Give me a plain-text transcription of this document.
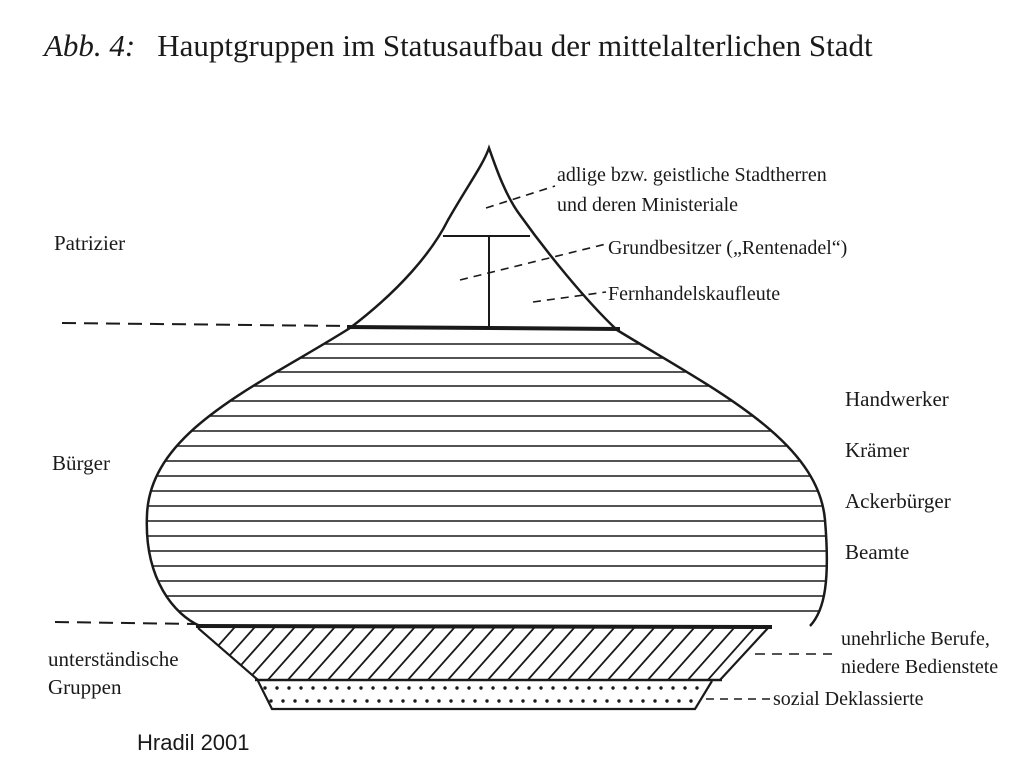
Abb. 4: Hauptgruppen im Statusaufbau der mittelalterlichen Stadt
Patrizier
Bürger
unterständische
Gruppen
adlige bzw. geistliche Stadtherren
und deren Ministeriale
Grundbesitzer („Rentenadel“)
Fernhandelskaufleute
Handwerker
Krämer
Ackerbürger
Beamte
unehrliche Berufe,
niedere Bedienstete
sozial Deklassierte
Hradil 2001
